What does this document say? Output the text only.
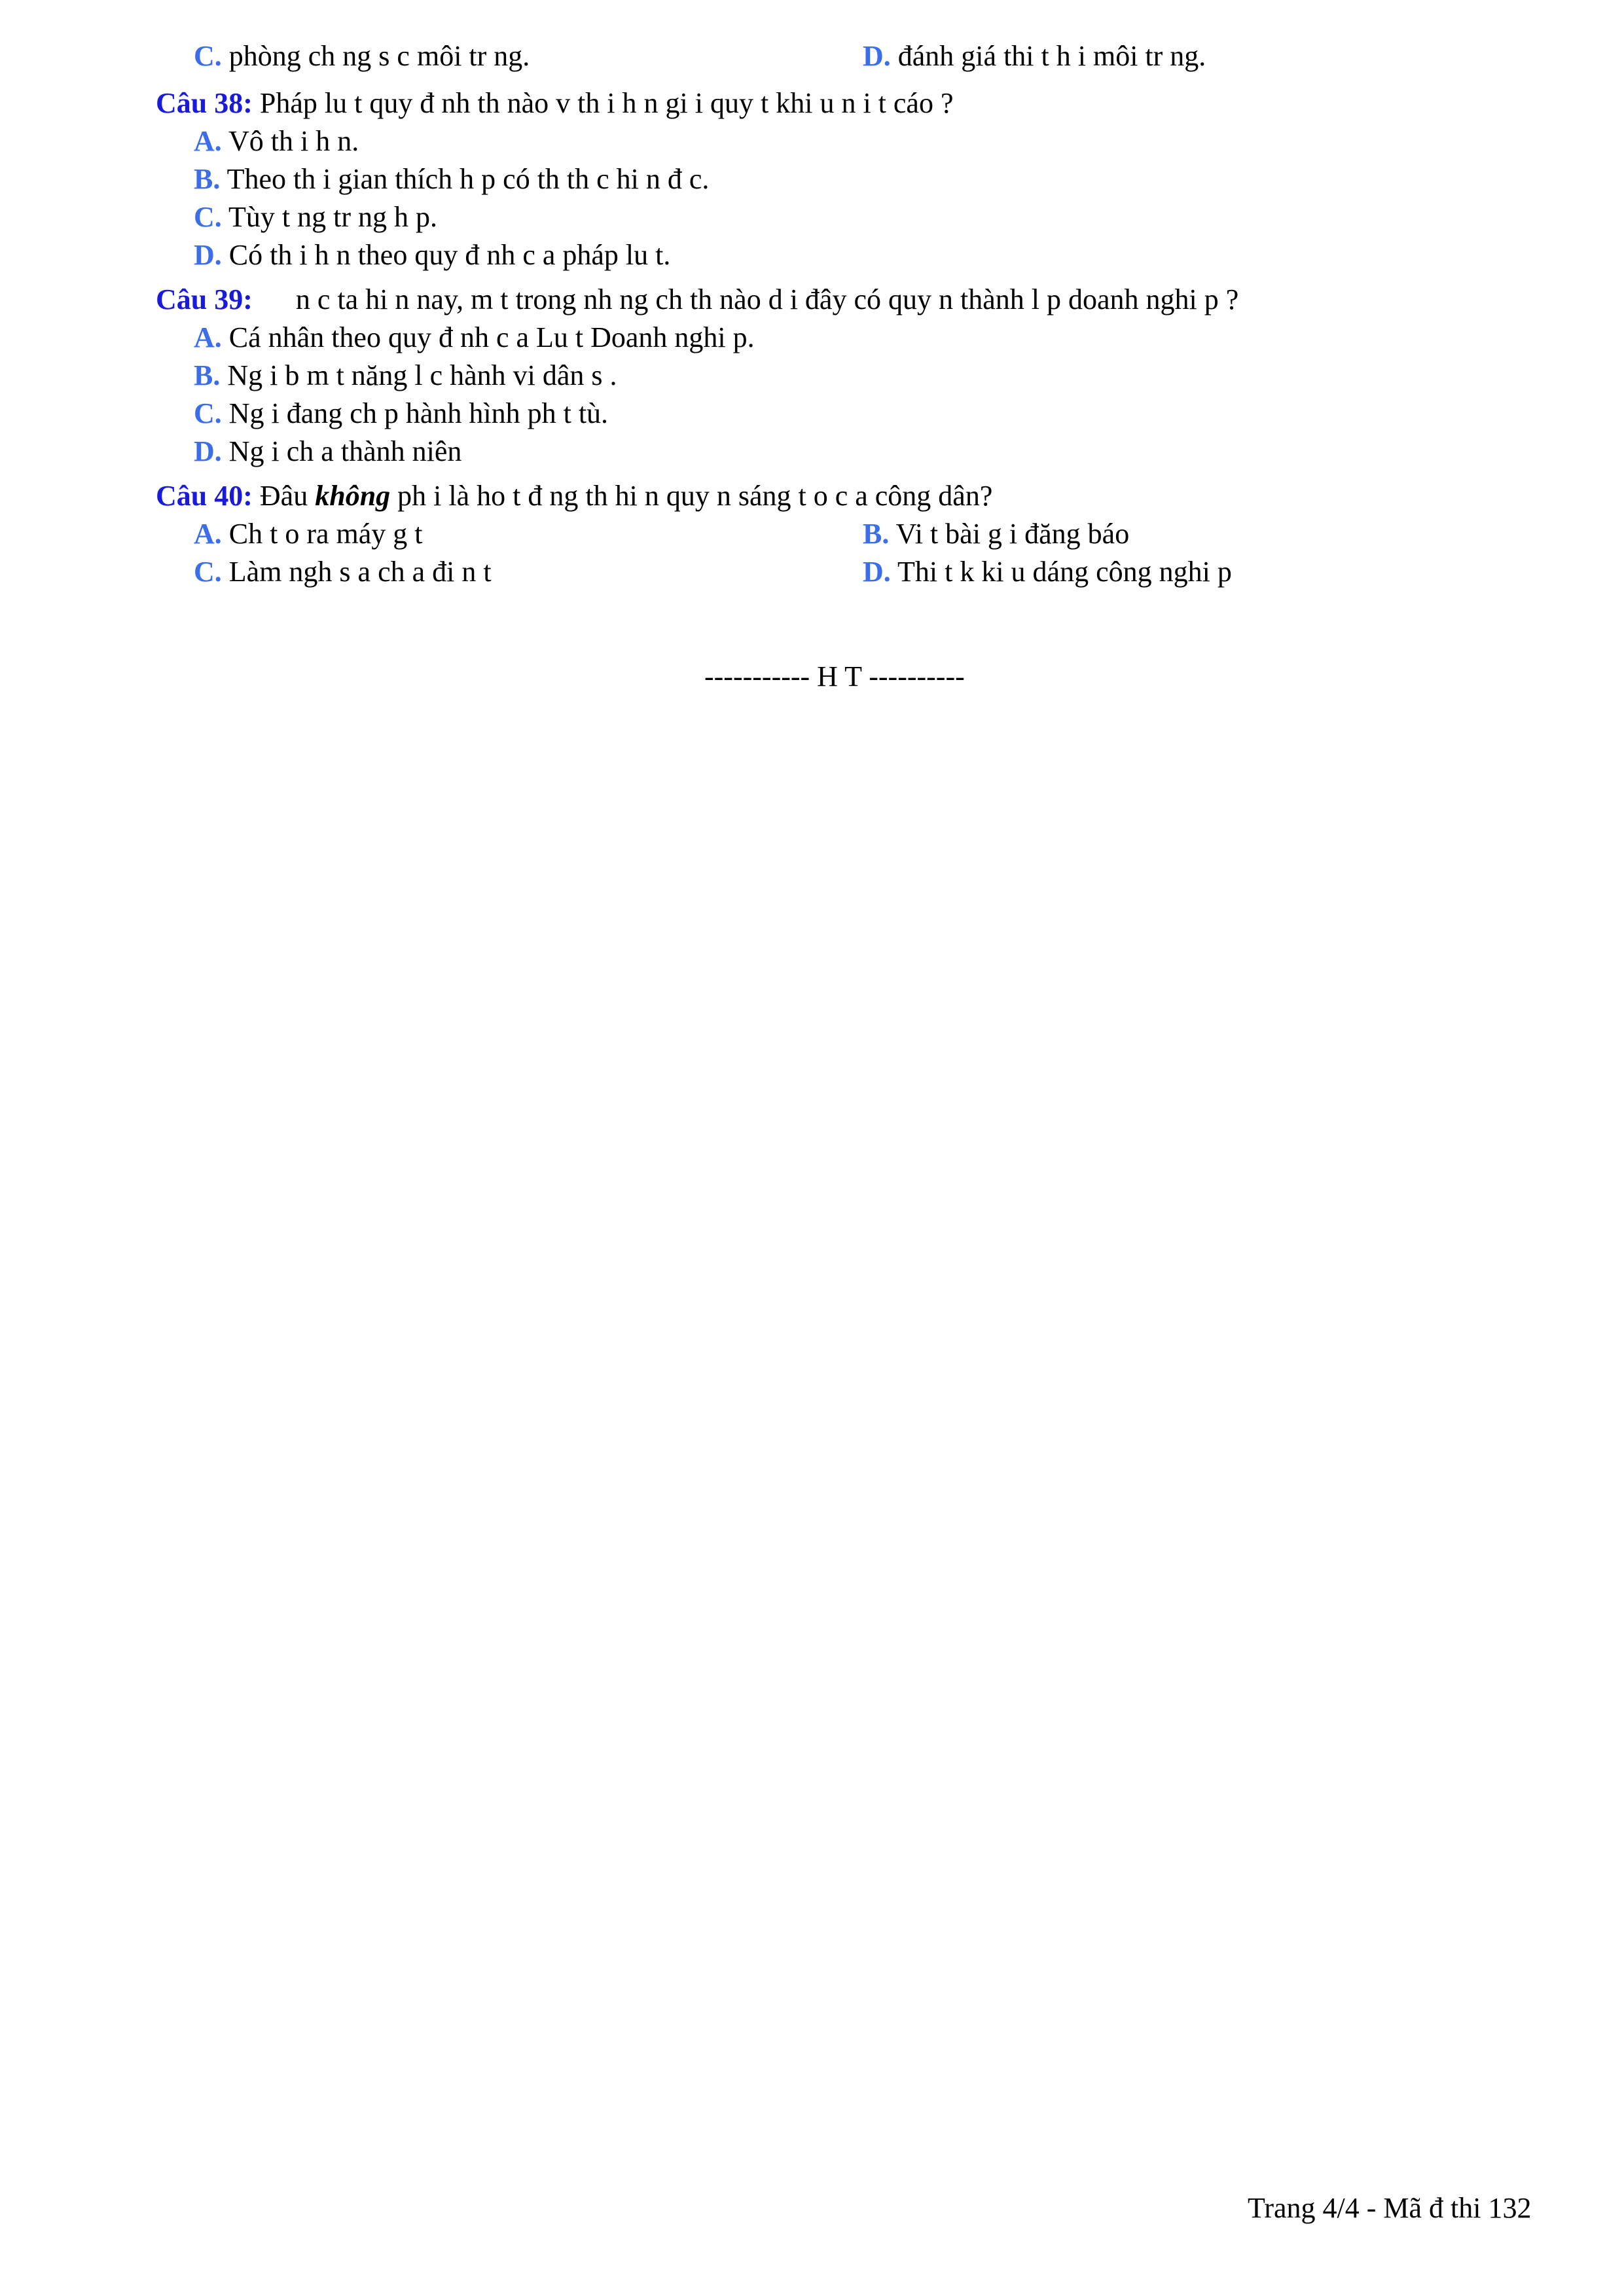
C. phòng ch ng s c môi tr ng.	D. đánh giá thi t h i môi tr ng.
Câu 38: Pháp lu t quy đ nh th nào v th i h n gi i quy t khi u n i t cáo ?
A. Vô th i h n.
B. Theo th i gian thích h p có th th c hi n đ c.
C. Tùy t ng tr ng h p.
D. Có th i h n theo quy đ nh c a pháp lu t.
Câu 39: n c ta hi n nay, m t trong nh ng ch th nào d i đây có quy n thành l p doanh nghi p ?
A. Cá nhân theo quy đ nh c a Lu t Doanh nghi p.
B. Ng i b m t năng l c hành vi dân s .
C. Ng i đang ch p hành hình ph t tù.
D. Ng i ch a thành niên
Câu 40: Đâu không ph i là ho t đ ng th hi n quy n sáng t o c a công dân?
A. Ch t o ra máy g t	B. Vi t bài g i đăng báo
C. Làm ngh s a ch a đi n t	D. Thi t k ki u dáng công nghi p
----------- H T ----------
Trang 4/4 - Mã đ thi 132
